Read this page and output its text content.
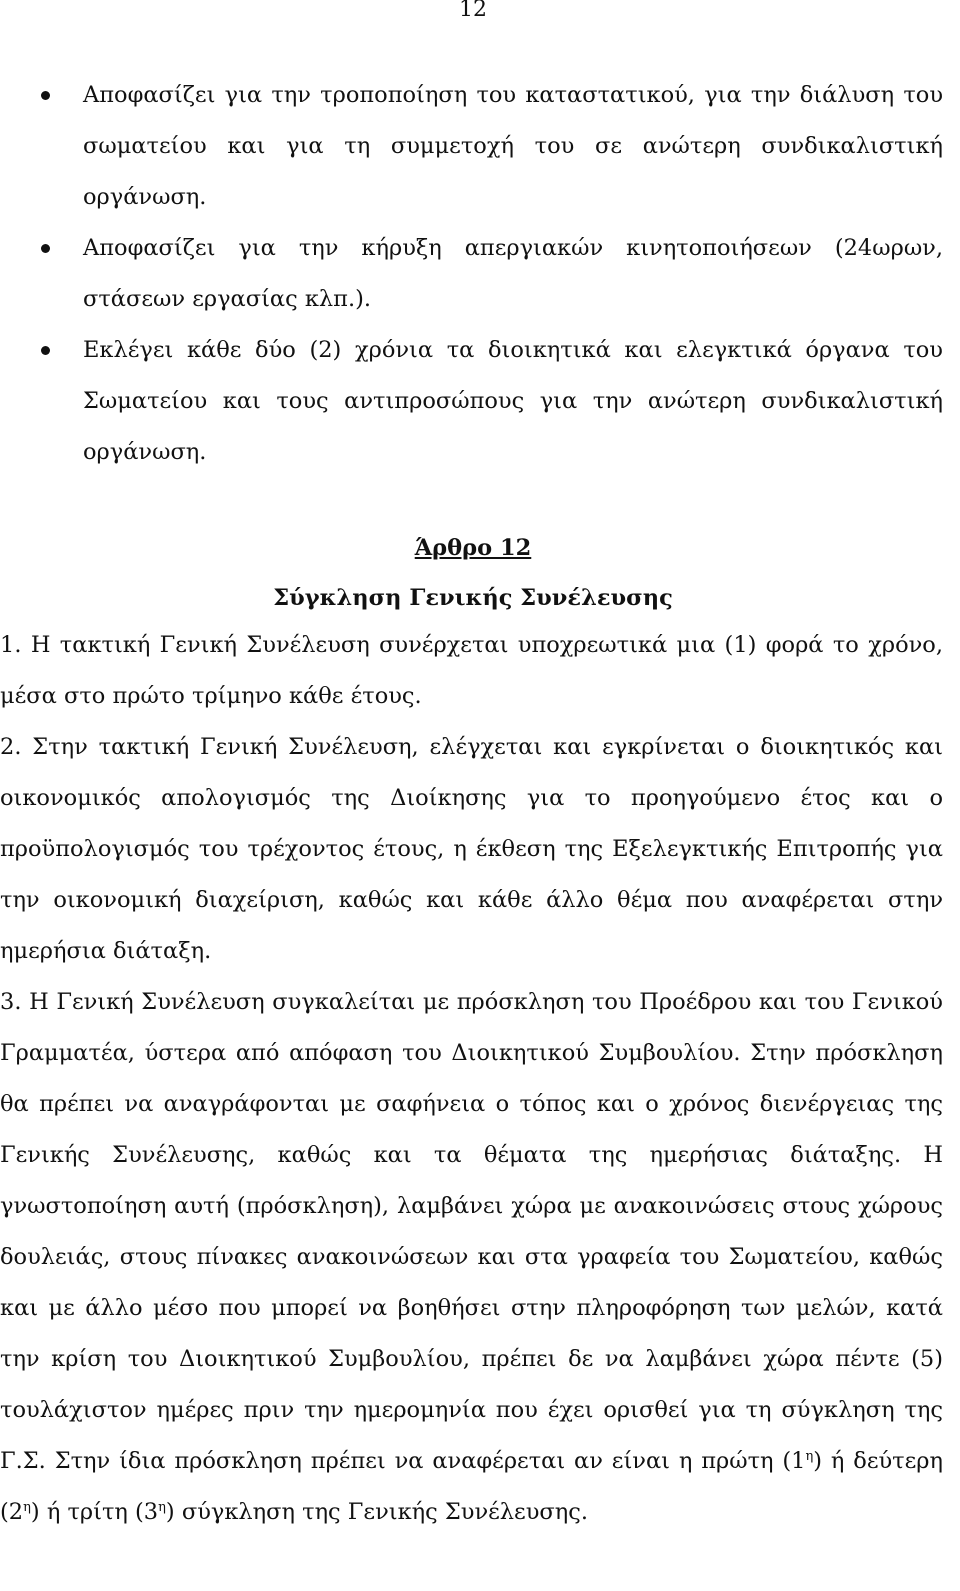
12
Αποφασίζει για την τροποποίηση του καταστατικού, για την διάλυση του σωματείου και για τη συμμετοχή του σε ανώτερη συνδικαλιστική οργάνωση.
Αποφασίζει για την κήρυξη απεργιακών κινητοποιήσεων (24ωρων, στάσεων εργασίας κλπ.).
Εκλέγει κάθε δύο (2) χρόνια τα διοικητικά και ελεγκτικά όργανα του Σωματείου και τους αντιπροσώπους για την ανώτερη συνδικαλιστική οργάνωση.
Άρθρο 12
Σύγκληση Γενικής Συνέλευσης

1. Η τακτική Γενική Συνέλευση συνέρχεται υποχρεωτικά μια (1) φορά το χρόνο, μέσα στο πρώτο τρίμηνο κάθε έτους.

2. Στην τακτική Γενική Συνέλευση, ελέγχεται και εγκρίνεται ο διοικητικός και οικονομικός απολογισμός της Διοίκησης για το προηγούμενο έτος και ο προϋπολογισμός του τρέχοντος έτους, η έκθεση της Εξελεγκτικής Επιτροπής για την οικονομική διαχείριση, καθώς και κάθε άλλο θέμα που αναφέρεται στην ημερήσια διάταξη.

3. Η Γενική Συνέλευση συγκαλείται με πρόσκληση του Προέδρου και του Γενικού Γραμματέα, ύστερα από απόφαση του Διοικητικού Συμβουλίου. Στην πρόσκληση θα πρέπει να αναγράφονται με σαφήνεια ο τόπος και ο χρόνος διενέργειας της Γενικής Συνέλευσης, καθώς και τα θέματα της ημερήσιας διάταξης. Η γνωστοποίηση αυτή (πρόσκληση), λαμβάνει χώρα με ανακοινώσεις στους χώρους δουλειάς, στους πίνακες ανακοινώσεων και στα γραφεία του Σωματείου, καθώς και με άλλο μέσο που μπορεί να βοηθήσει στην πληροφόρηση των μελών, κατά την κρίση του Διοικητικού Συμβουλίου, πρέπει δε να λαμβάνει χώρα πέντε (5) τουλάχιστον ημέρες πριν την ημερομηνία που έχει ορισθεί για τη σύγκληση της Γ.Σ. Στην ίδια πρόσκληση πρέπει να αναφέρεται αν είναι η πρώτη $(1^\eta)$ ή δεύτερη $(2^\eta)$ ή τρίτη $(3^\eta)$ σύγκληση της Γενικής Συνέλευσης.
